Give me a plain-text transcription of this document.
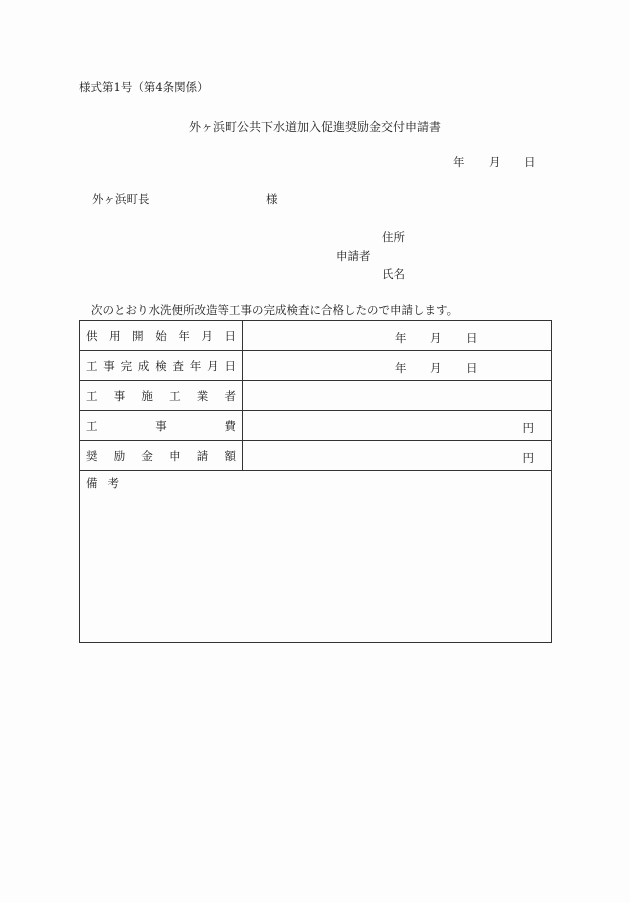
様式第1号（第4条関係）
外ヶ浜町公共下水道加入促進奨励金交付申請書
年 月 日
外ヶ浜町長	様
住所
申請者
氏名
次のとおり水洗便所改造等工事の完成検査に合格したので申請します。
供用開始年月日	年 月 日

工事完成検査年月日	年 月 日

工事施工業者	

工事費	円

奨励金申請額	円

備考	
